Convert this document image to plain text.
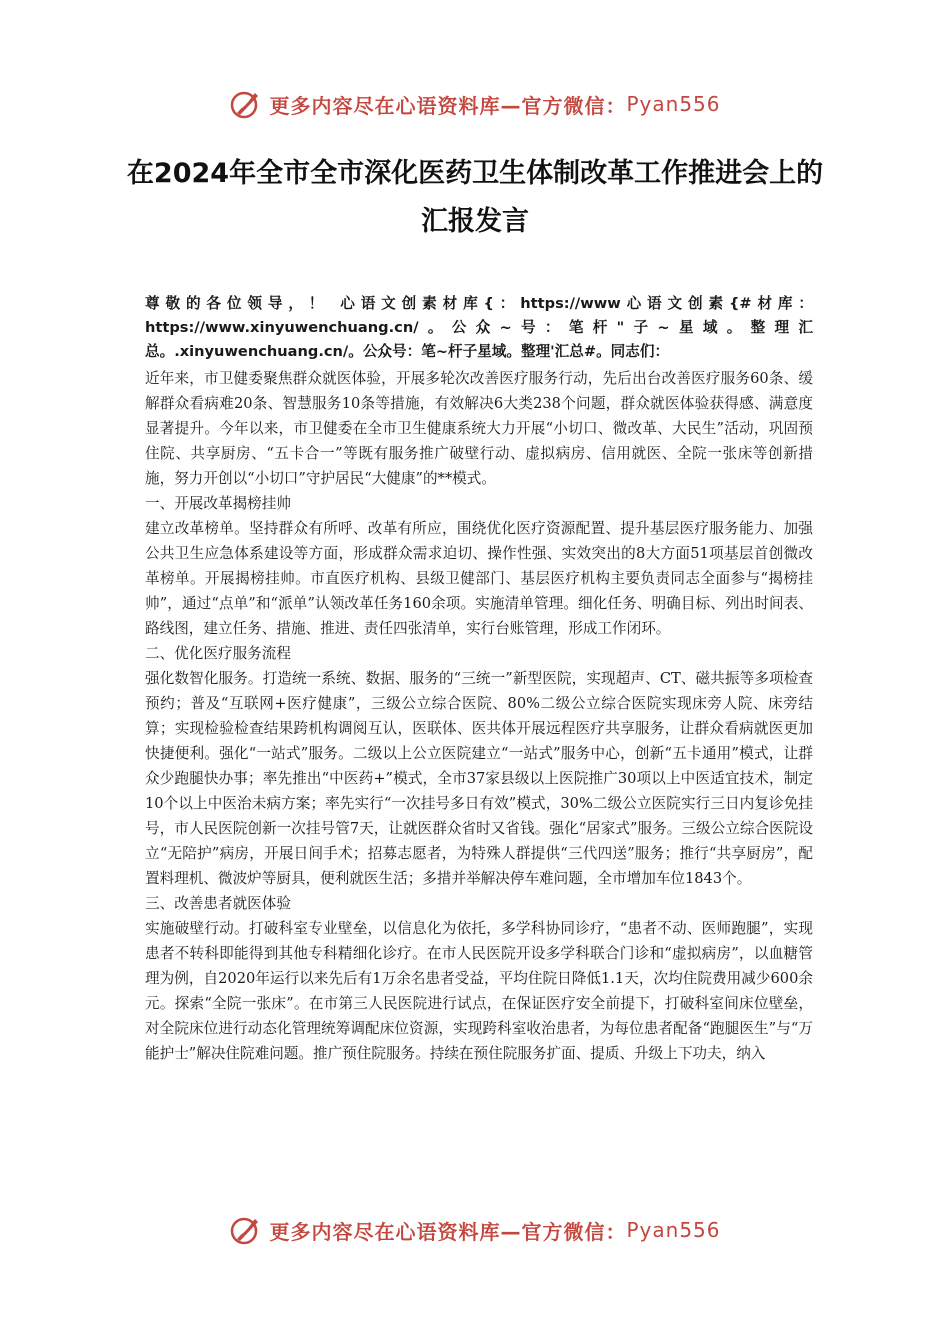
更多内容尽在心语资料库—官方微信： Pyan556
在2024年全市全市深化医药卫生体制改革工作推进会上的汇报发言

尊敬的各位领导，！ 心语文创素材库{：https://www心语文创素{#材库：https://www.xinyuwenchuang.cn/。公众~号：笔杆"子~星域。整理汇总。.xinyuwenchuang.cn/。公众号：笔~杆子星域。整理'汇总#。同志们：

近年来，市卫健委聚焦群众就医体验，开展多轮次改善医疗服务行动，先后出台改善医疗服务60条、缓解群众看病难20条、智慧服务10条等措施，有效解决6大类238个问题，群众就医体验获得感、满意度显著提升。今年以来，市卫健委在全市卫生健康系统大力开展“小切口、微改革、大民生”活动，巩固预住院、共享厨房、“五卡合一”等既有服务推广破壁行动、虚拟病房、信用就医、全院一张床等创新措施，努力开创以“小切口”守护居民“大健康”的**模式。

一、开展改革揭榜挂帅

建立改革榜单。坚持群众有所呼、改革有所应，围绕优化医疗资源配置、提升基层医疗服务能力、加强公共卫生应急体系建设等方面，形成群众需求迫切、操作性强、实效突出的8大方面51项基层首创微改革榜单。开展揭榜挂帅。市直医疗机构、县级卫健部门、基层医疗机构主要负责同志全面参与“揭榜挂帅”，通过“点单”和“派单”认领改革任务160余项。实施清单管理。细化任务、明确目标、列出时间表、路线图，建立任务、措施、推进、责任四张清单，实行台账管理，形成工作闭环。

二、优化医疗服务流程

强化数智化服务。打造统一系统、数据、服务的“三统一”新型医院，实现超声、CT、磁共振等多项检查预约；普及“互联网+医疗健康”，三级公立综合医院、80%二级公立综合医院实现床旁人院、床旁结算；实现检验检查结果跨机构调阅互认，医联体、医共体开展远程医疗共享服务，让群众看病就医更加快捷便利。强化“一站式”服务。二级以上公立医院建立“一站式”服务中心，创新“五卡通用”模式，让群众少跑腿快办事；率先推出“中医药+”模式，全市37家县级以上医院推广30项以上中医适宜技术，制定10个以上中医治未病方案；率先实行“一次挂号多日有效”模式，30%二级公立医院实行三日内复诊免挂号，市人民医院创新一次挂号管7天，让就医群众省时又省钱。强化“居家式”服务。三级公立综合医院设立“无陪护”病房，开展日间手术；招募志愿者，为特殊人群提供“三代四送”服务；推行“共享厨房”，配置料理机、微波炉等厨具，便利就医生活；多措并举解决停车难问题，全市增加车位1843个。

三、改善患者就医体验

实施破壁行动。打破科室专业壁垒，以信息化为依托，多学科协同诊疗，“患者不动、医师跑腿”，实现患者不转科即能得到其他专科精细化诊疗。在市人民医院开设多学科联合门诊和“虚拟病房”，以血糖管理为例，自2020年运行以来先后有1万余名患者受益，平均住院日降低1.1天，次均住院费用减少600余元。探索“全院一张床”。在市第三人民医院进行试点，在保证医疗安全前提下，打破科室间床位壁垒，对全院床位进行动态化管理统筹调配床位资源，实现跨科室收治患者，为每位患者配备“跑腿医生”与“万能护士”解决住院难问题。推广预住院服务。持续在预住院服务扩面、提质、升级上下功夫，纳入

更多内容尽在心语资料库—官方微信： Pyan556
